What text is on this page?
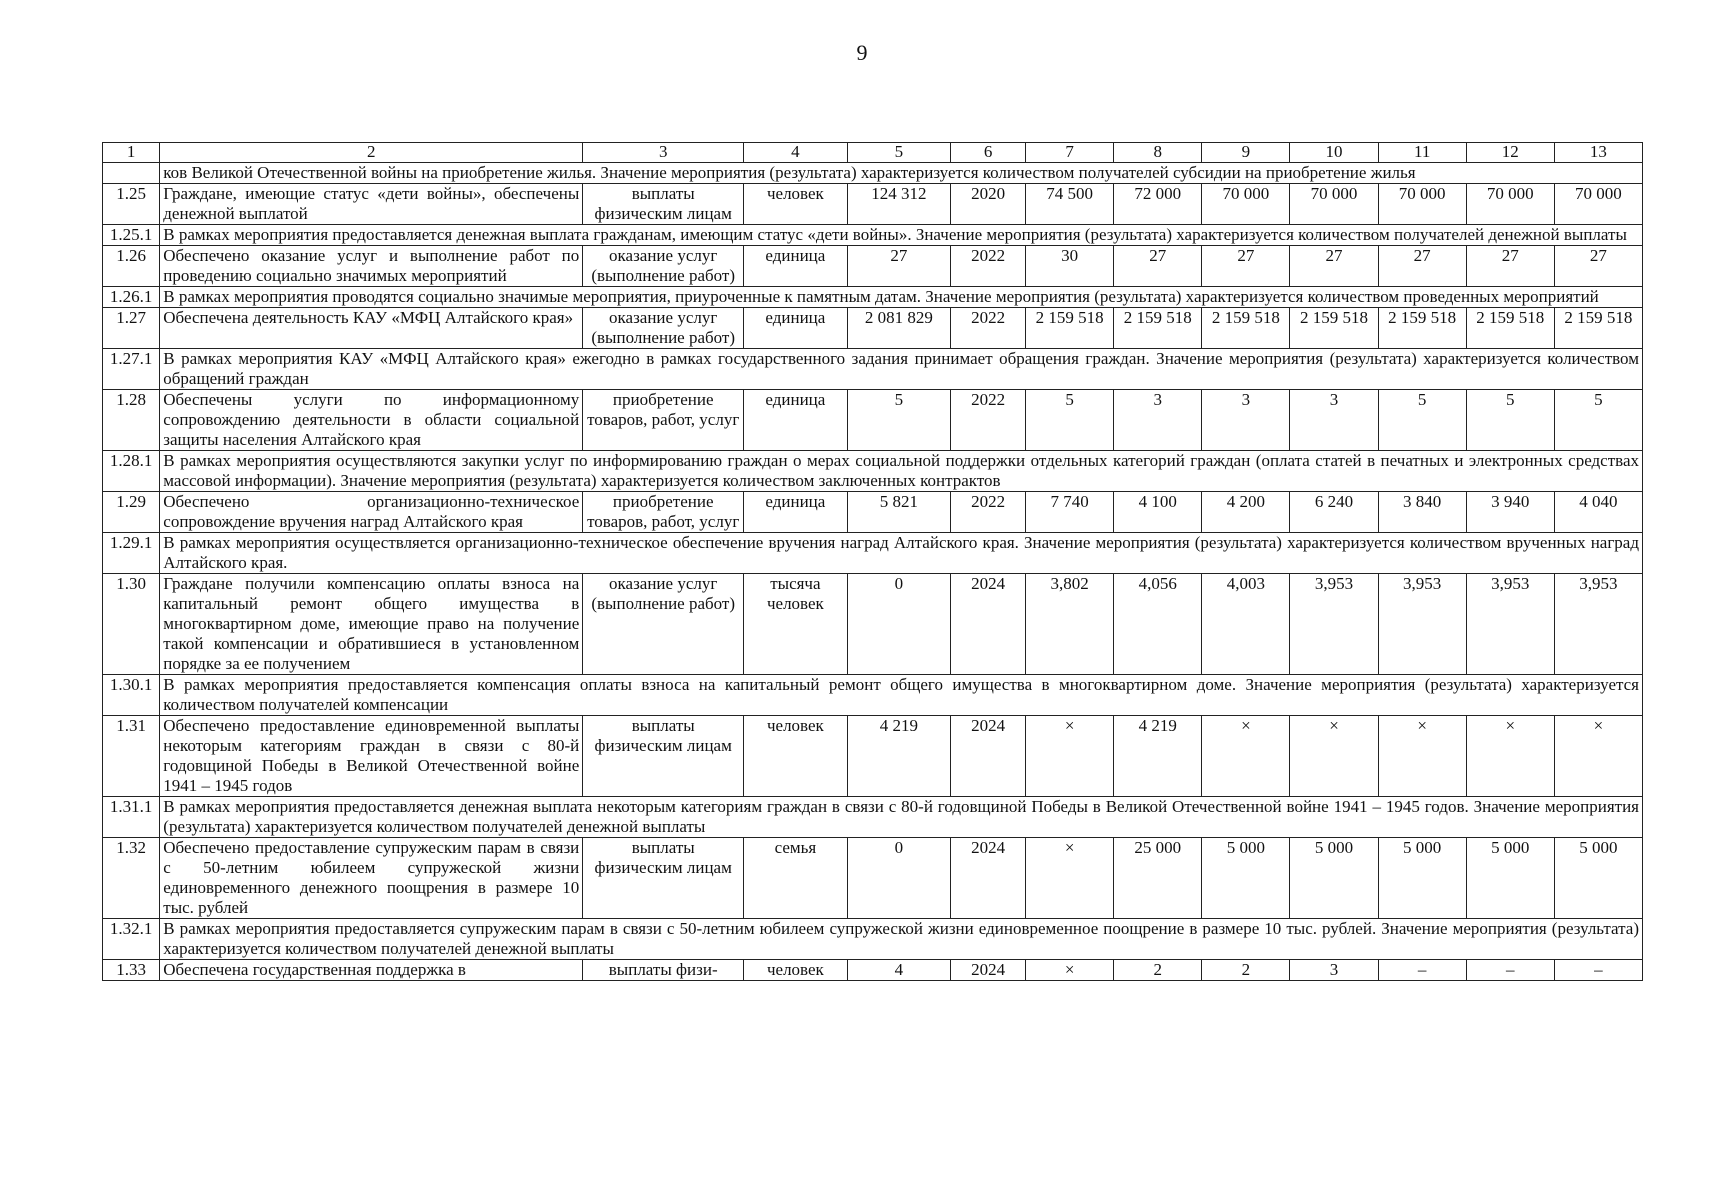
9
1	2	3	4	5	6	7	8	9	10	11	12	13
	ков Великой Отечественной войны на приобретение жилья. Значение мероприятия (результата) характеризуется количеством получателей субсидии на приобретение жилья											
1.25	Граждане, имеющие статус «дети войны», обеспечены денежной выплатой	выплаты физическим лицам	человек	124 312	2020	74 500	72 000	70 000	70 000	70 000	70 000	70 000
1.25.1	В рамках мероприятия предоставляется денежная выплата гражданам, имеющим статус «дети войны». Значение мероприятия (результата) характеризуется количеством получателей денежной выплаты											
1.26	Обеспечено оказание услуг и выполнение работ по проведению социально значимых мероприятий	оказание услуг (выполнение работ)	единица	27	2022	30	27	27	27	27	27	27
1.26.1	В рамках мероприятия проводятся социально значимые мероприятия, приуроченные к памятным датам. Значение мероприятия (результата) характеризуется количеством проведенных мероприятий											
1.27	Обеспечена деятельность КАУ «МФЦ Алтайского края»	оказание услуг (выполнение работ)	единица	2 081 829	2022	2 159 518	2 159 518	2 159 518	2 159 518	2 159 518	2 159 518	2 159 518
1.27.1	В рамках мероприятия КАУ «МФЦ Алтайского края» ежегодно в рамках государственного задания принимает обращения граждан. Значение мероприятия (результата) характеризуется количеством обращений граждан											
1.28	Обеспечены услуги по информационному сопровождению деятельности в области социальной защиты населения Алтайского края	приобретение товаров, работ, услуг	единица	5	2022	5	3	3	3	5	5	5
1.28.1	В рамках мероприятия осуществляются закупки услуг по информированию граждан о мерах социальной поддержки отдельных категорий граждан (оплата статей в печатных и электронных средствах массовой информации). Значение мероприятия (результата) характеризуется количеством заключенных контрактов											
1.29	Обеспечено организационно-техническое сопровождение вручения наград Алтайского края	приобретение товаров, работ, услуг	единица	5 821	2022	7 740	4 100	4 200	6 240	3 840	3 940	4 040
1.29.1	В рамках мероприятия осуществляется организационно-техническое обеспечение вручения наград Алтайского края. Значение мероприятия (результата) характеризуется количеством врученных наград Алтайского края.											
1.30	Граждане получили компенсацию оплаты взноса на капитальный ремонт общего имущества в многоквартирном доме, имеющие право на получение такой компенсации и обратившиеся в установленном порядке за ее получением	оказание услуг (выполнение работ)	тысяча человек	0	2024	3,802	4,056	4,003	3,953	3,953	3,953	3,953
1.30.1	В рамках мероприятия предоставляется компенсация оплаты взноса на капитальный ремонт общего имущества в многоквартирном доме. Значение мероприятия (результата) характеризуется количеством получателей компенсации											
1.31	Обеспечено предоставление единовременной выплаты некоторым категориям граждан в связи с 80-й годовщиной Победы в Великой Отечественной войне 1941 – 1945 годов	выплаты физическим лицам	человек	4 219	2024	×	4 219	×	×	×	×	×
1.31.1	В рамках мероприятия предоставляется денежная выплата некоторым категориям граждан в связи с 80-й годовщиной Победы в Великой Отечественной войне 1941 – 1945 годов. Значение мероприятия (результата) характеризуется количеством получателей денежной выплаты											
1.32	Обеспечено предоставление супружеским парам в связи с 50-летним юбилеем супружеской жизни единовременного денежного поощрения в размере 10 тыс. рублей	выплаты физическим лицам	семья	0	2024	×	25 000	5 000	5 000	5 000	5 000	5 000
1.32.1	В рамках мероприятия предоставляется супружеским парам в связи с 50-летним юбилеем супружеской жизни единовременное поощрение в размере 10 тыс. рублей. Значение мероприятия (результата) характеризуется количеством получателей денежной выплаты											
1.33	Обеспечена государственная поддержка в	выплаты физи-	человек	4	2024	×	2	2	3	–	–	–
